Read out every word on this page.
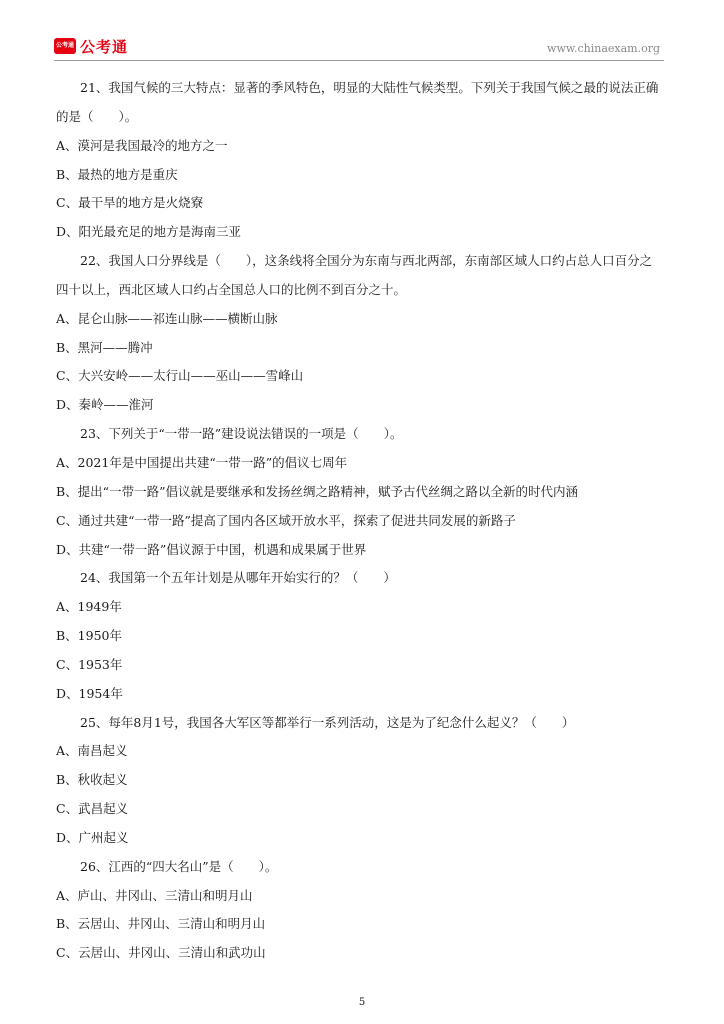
公考通 公考通	www.chinaexam.org
21、我国气候的三大特点：显著的季风特色，明显的大陆性气候类型。下列关于我国气候之最的说法正确
的是（　　）。
A、漠河是我国最冷的地方之一
B、最热的地方是重庆
C、最干旱的地方是火烧寮
D、阳光最充足的地方是海南三亚
22、我国人口分界线是（　　），这条线将全国分为东南与西北两部，东南部区域人口约占总人口百分之
四十以上，西北区域人口约占全国总人口的比例不到百分之十。
A、昆仑山脉——祁连山脉——横断山脉
B、黑河——腾冲
C、大兴安岭——太行山——巫山——雪峰山
D、秦岭——淮河
23、下列关于“一带一路”建设说法错误的一项是（　　）。
A、2021年是中国提出共建“一带一路”的倡议七周年
B、提出“一带一路”倡议就是要继承和发扬丝绸之路精神，赋予古代丝绸之路以全新的时代内涵
C、通过共建“一带一路”提高了国内各区域开放水平，探索了促进共同发展的新路子
D、共建“一带一路”倡议源于中国，机遇和成果属于世界
24、我国第一个五年计划是从哪年开始实行的？（　　）
A、1949年
B、1950年
C、1953年
D、1954年
25、每年8月1号，我国各大军区等都举行一系列活动，这是为了纪念什么起义？（　　）
A、南昌起义
B、秋收起义
C、武昌起义
D、广州起义
26、江西的“四大名山”是（　　）。
A、庐山、井冈山、三清山和明月山
B、云居山、井冈山、三清山和明月山
C、云居山、井冈山、三清山和武功山
5
